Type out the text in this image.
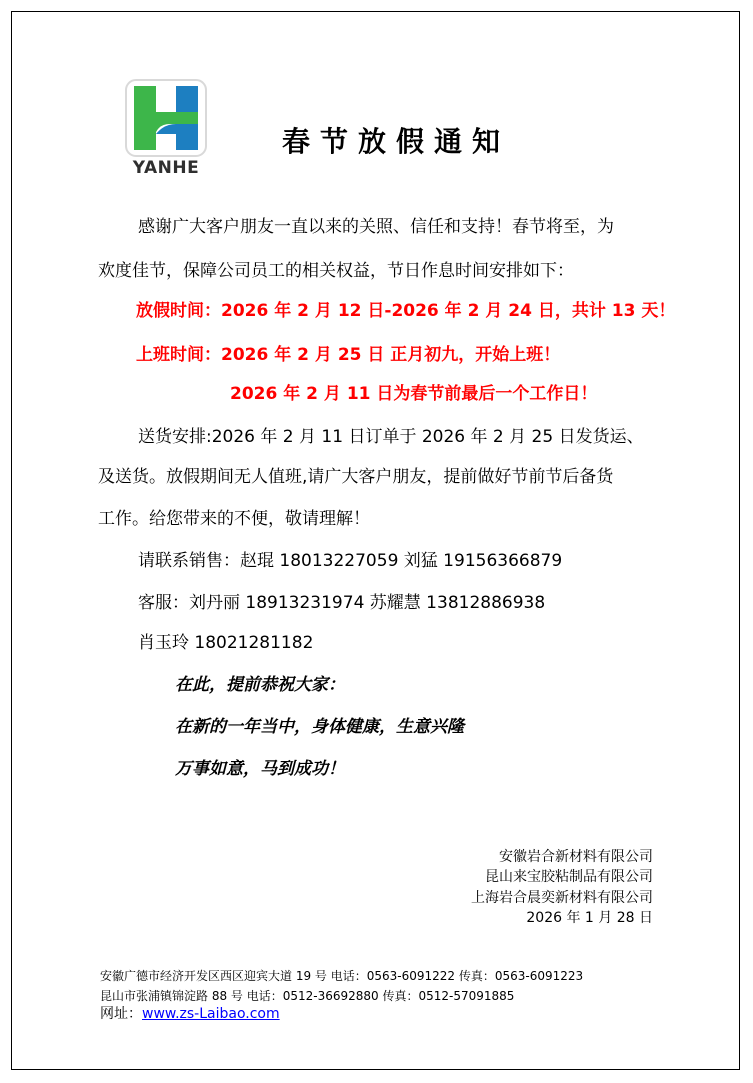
YANHE
春节放假通知
感谢广大客户朋友一直以来的关照、信任和支持！春节将至，为
欢度佳节，保障公司员工的相关权益，节日作息时间安排如下：
放假时间：2026 年 2 月 12 日-2026 年 2 月 24 日，共计 13 天！
上班时间：2026 年 2 月 25 日 正月初九，开始上班！
2026 年 2 月 11 日为春节前最后一个工作日！
送货安排:2026 年 2 月 11 日订单于 2026 年 2 月 25 日发货运、
及送货。放假期间无人值班,请广大客户朋友，提前做好节前节后备货
工作。给您带来的不便，敬请理解！
请联系销售：赵琨 18013227059 刘猛 19156366879
客服：刘丹丽 18913231974 苏耀慧 13812886938
肖玉玲 18021281182
在此，提前恭祝大家：
在新的一年当中，身体健康，生意兴隆
万事如意，马到成功！
安徽岩合新材料有限公司
昆山来宝胶粘制品有限公司
上海岩合晨奕新材料有限公司
2026 年 1 月 28 日
安徽广德市经济开发区西区迎宾大道 19 号 电话：0563-6091222 传真：0563-6091223
昆山市张浦镇锦淀路 88 号 电话：0512-36692880 传真：0512-57091885
网址：www.zs-Laibao.com
